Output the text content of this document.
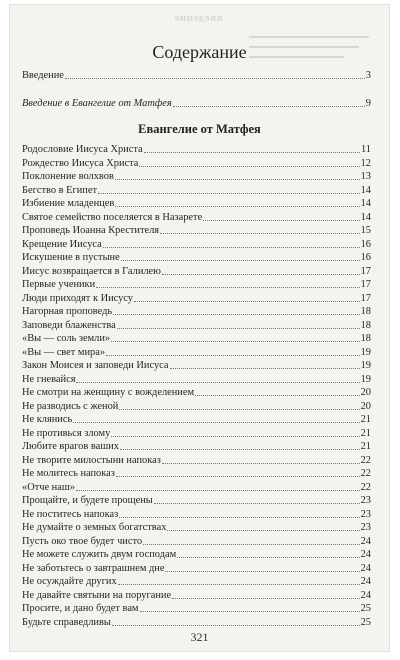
введение
Содержание
Введение	3
Введение в Евангелие от Матфея	9
Евангелие от Матфея
Родословие Иисуса Христа	11
Рождество Иисуса Христа	12
Поклонение волхвов	13
Бегство в Египет	14
Избиение младенцев	14
Святое семейство поселяется в Назарете	14
Проповедь Иоанна Крестителя	15
Крещение Иисуса	16
Искушение в пустыне	16
Иисус возвращается в Галилею	17
Первые ученики	17
Люди приходят к Иисусу	17
Нагорная проповедь	18
Заповеди блаженства	18
«Вы — соль земли»	18
«Вы — свет мира»	19
Закон Моисея и заповеди Иисуса	19
Не гневайся	19
Не смотри на женщину с вожделением	20
Не разводись с женой	20
Не клянись	21
Не противься злому	21
Любите врагов ваших	21
Не творите милостыни напоказ	22
Не молитесь напоказ	22
«Отче наш»	22
Прощайте, и будете прощены	23
Не поститесь напоказ	23
Не думайте о земных богатствах	23
Пусть око твое будет чисто	24
Не можете служить двум господам	24
Не заботьтесь о завтрашнем дне	24
Не осуждайте других	24
Не давайте святыни на поругание	24
Просите, и дано будет вам	25
Будьте справедливы	25
321
